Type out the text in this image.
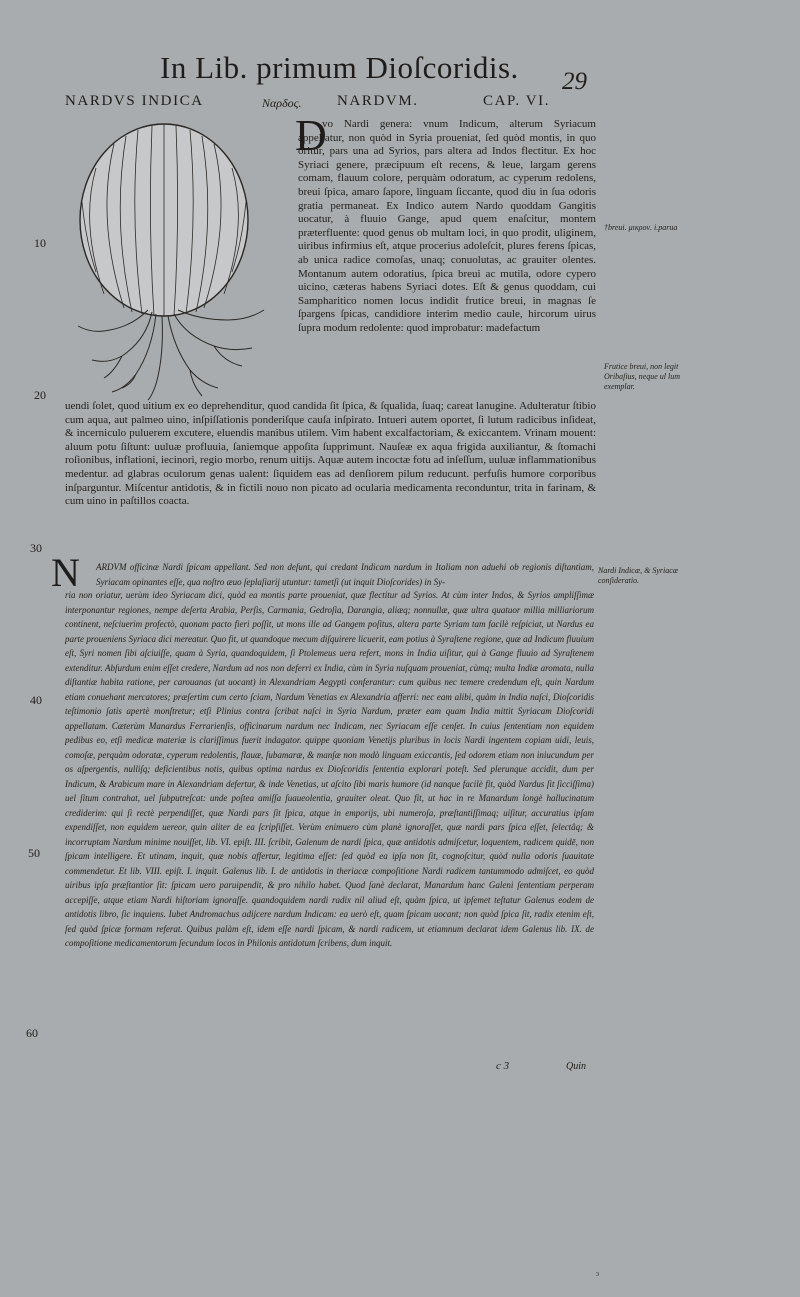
In Lib. primum Dioſcoridis. 29
NARDVS INDICA	Ναρδος. NARDVM.	CAP. VI.
D
vo Nardi genera: vnum Indicum, alterum Syriacum appellatur, non quòd in Syria proueniat, ſed quòd montis, in quo oritur, pars una ad Syrios, pars altera ad Indos flectitur. Ex hoc Syriaci genere, præcipuum eſt recens, & leue, largam gerens comam, flauum colore, perquàm odoratum, ac cyperum redolens, breui ſpica, amaro ſapore, linguam ſiccante, quod diu in ſua odoris gratia permaneat. Ex Indico autem Nardo quoddam Gangitis uocatur, à fluuio Gange, apud quem enaſcitur, montem præterfluente: quod genus ob multam loci, in quo prodit, uliginem, uiribus infirmius eſt, atque procerius adoleſcit, plures ferens ſpicas, ab unica radice comoſas, unaq; conuolutas, ac grauiter olentes. Montanum autem odoratius, ſpica breui ac mutila, odore cypero uicino, cæteras habens Syriaci dotes. Eſt & genus quoddam, cui Sampharitico nomen locus indidit frutice breui, in magnas ſe ſpargens ſpicas, candidiore interim medio caule, hircorum uirus ſupra modum redolente: quod improbatur: madefactum
uendi ſolet, quod uitium ex eo deprehenditur, quod candida ſit ſpica, & ſqualida, ſuaq; careat lanugine. Adulteratur ſtibio cum aqua, aut palmeo uino, inſpiſſationis ponderiſque cauſa inſpirato. Intueri autem oportet, ſi lutum radicibus inſideat, & incerniculo puluerem excutere, eluendis manibus utilem. Vim habent excalfactoriam, & exiccantem. Vrinam mouent: aluum potu ſiſtunt: uuluæ profluuia, ſaniemque appoſita ſupprimunt. Nauſeæ ex aqua frigida auxiliantur, & ſtomachi roſionibus, inflationi, iecinori, regio morbo, renum uitijs. Aquæ autem incoctæ fotu ad inſeſſum, uuluæ inflammationibus medentur. ad glabras oculorum genas ualent: ſiquidem eas ad denſiorem pilum reducunt. perfuſis humore corporibus inſparguntur. Miſcentur antidotis, & in fictili nouo non picato ad ocularia medicamenta reconduntur, trita in farinam, & cum uino in paſtillos coacta.
N ARDVM officinæ Nardi ſpicam appellant. Sed non deſunt, qui credant Indicam nardum in Italiam non aduehi ob regionis diſtantiam, Syriacam opinantes eſſe, qua noſtro æuo ſeplaſiarij utuntur: tametſi (ut inquit Dioſcorides) in Sy-
ria non oriatur, uerùm ideo Syriacam dici, quòd ea montis parte proueniat, quæ flectitur ad Syrios. At cùm inter Indos, & Syrios ampliſſimæ interponantur regiones, nempe deſerta Arabia, Perſis, Carmania, Gedroſia, Darangia, aliæq; nonnullæ, quæ ultra quatuor millia milliariorum continent, neſciuerim profectò, quonam pacto fieri poſſit, ut mons ille ad Gangem poſitus, altera parte Syriam tam facilè reſpiciat, ut Nardus ea parte proueniens Syriaca dici mereatur. Quo fit, ut quandoque mecum diſquirere licuerit, eam potius à Syraſtene regione, quæ ad Indicum fluuium eſt, Syri nomen ſibi aſciuiſſe, quam à Syria, quandoquidem, ſi Ptolemeus uera refert, mons in India uiſitur, qui à Gange fluuio ad Syraſtenem extenditur. Abſurdum enim eſſet credere, Nardum ad nos non deferri ex India, cùm in Syria nuſquam proueniat, cùmq; multa Indiæ aromata, nulla diſtantiæ habita ratione, per carouanas (ut uocant) in Alexandriam Aegypti conferantur: cum quibus nec temere credendum eſt, quin Nardum etiam conuehant mercatores; præſertim cum certo ſciam, Nardum Venetias ex Alexandria afferri: nec eam alibi, quàm in India naſci, Dioſcoridis teſtimonio ſatis apertè monſtretur; etſi Plinius contra ſcribat naſci in Syria Nardum, præter eam quam India mittit Syriacam Dioſcoridi appellatam. Cæterùm Manardus Ferrarienſis, officinarum nardum nec Indicam, nec Syriacam eſſe cenſet. In cuius ſententiam non equidem pedibus eo, etſi medicæ materiæ is clariſſimus fuerit indagator. quippe quoniam Venetijs pluribus in locis Nardi ingentem copiam uidi, leuis, comoſæ, perquàm odoratæ, cyperum redolentis, flauæ, ſubamaræ, & manſæ non modò linguam exiccantis, ſed odorem etiam non iniucundum per os aſpergentis, nulliſq; deficientibus notis, quibus optima nardus ex Dioſcoridis ſententia explorari poteſt. Sed plerunque accidit, dum per Indicum, & Arabicum mare in Alexandriam defertur, & inde Venetias, ut aſcito ſibi maris humore (id nanque facilè fit, quòd Nardus ſit ſicciſſima) uel ſitum contrahat, uel ſubputreſcat: unde poſtea amiſſa ſuaueolentia, grauiter oleat. Quo fit, ut hac in re Manardum longè hallucinatum crediderim: qui ſi rectè perpendiſſet, quæ Nardi pars ſit ſpica, atque in emporijs, ubi numeroſa, præſtantiſſimaq; uiſitur, accuratius ipſam expendiſſet, non equidem uereor, quin aliter de ea ſcripſiſſet. Verùm enimuero cùm planè ignoraſſet, quæ nardi pars ſpica eſſet, ſelectâq; & incorruptam Nardum minime nouiſſet, lib. VI. epiſt. III. ſcribit, Galenum de nardi ſpica, quæ antidotis admiſcetur, loquentem, radicem quidē, non ſpicam intelligere. Et utinam, inquit, quæ nobis affertur, legitima eſſet: ſed quòd ea ipſa non ſit, cognoſcitur, quòd nulla odoris ſuauitate commendetur. Et lib. VIII. epiſt. I. inquit. Galenus lib. I. de antidotis in theriacæ compoſitione Nardi radicem tantummodo admiſcet, eo quòd uiribus ipſa præſtantior ſit: ſpicam uero paruipendit, & pro nihilo habet. Quod ſanè declarat, Manardum hanc Galeni ſententiam perperam accepiſſe, atque etiam Nardi hiſtoriam ignoraſſe. quandoquidem nardi radix nil aliud eſt, quàm ſpica, ut ipſemet teſtatur Galenus eodem de antidotis libro, ſic inquiens. Iubet Andromachus adijcere nardum Indicam: ea uerò eſt, quam ſpicam uocant; non quòd ſpica ſit, radix etenim eſt, ſed quòd ſpicæ formam referat. Quibus palàm eſt, idem eſſe nardi ſpicam, & nardi radicem, ut etiamnum declarat idem Galenus lib. IX. de compoſitione medicamentorum ſecundum locos in Philonis antidotum ſcribens, dum inquit.
10
20
30
40
50
60
†breui. μικρον. i.parua
Frutice breui, non legit Oribaſius, neque ul lum exemplar.
Nardi Indicæ, & Syriacæ conſideratio.
c 3	Quin
3
